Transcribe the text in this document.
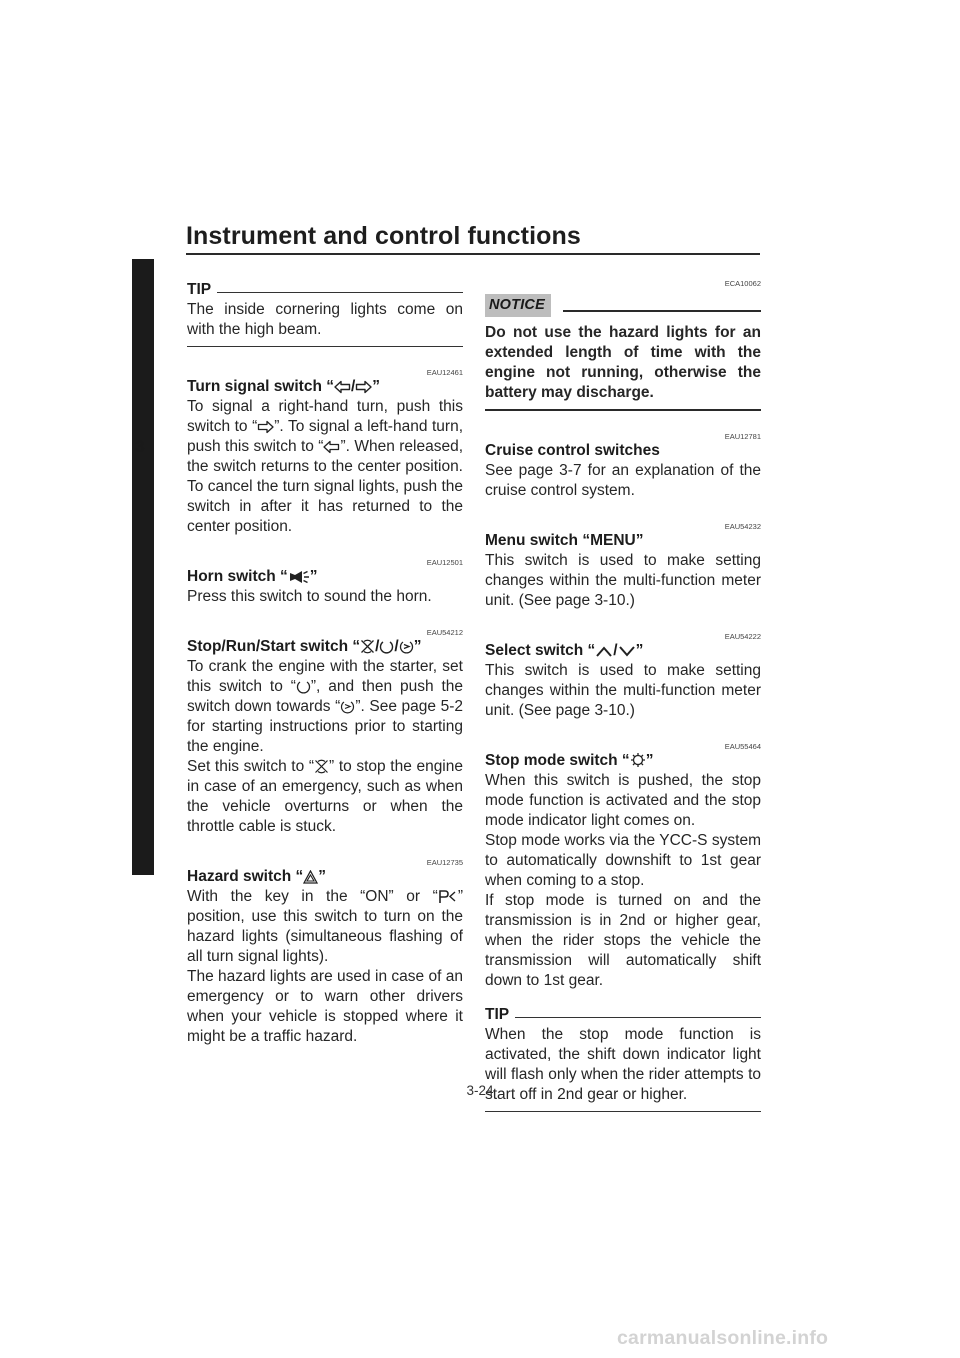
Instrument and control functions
3
TIP

The inside cornering lights come on with the high beam.

EAU12461
Turn signal switch “ / ”

To signal a right-hand turn, push this switch to “ ”. To signal a left-hand turn, push this switch to “ ”. When released, the switch returns to the center position. To cancel the turn signal lights, push the switch in after it has returned to the center position.

EAU12501
Horn switch “ ”

Press this switch to sound the horn.

EAU54212
Stop/Run/Start switch “ / / ”

To crank the engine with the starter, set this switch to “ ”, and then push the switch down towards “ ”. See page 5-2 for starting instructions prior to starting the engine.

Set this switch to “ ” to stop the engine in case of an emergency, such as when the vehicle overturns or when the throttle cable is stuck.

EAU12735
Hazard switch “ ”

With the key in the “ON” or “ ” position, use this switch to turn on the hazard lights (simultaneous flashing of all turn signal lights).

The hazard lights are used in case of an emergency or to warn other drivers when your vehicle is stopped where it might be a traffic hazard.

ECA10062
NOTICE
Do not use the hazard lights for an extended length of time with the engine not running, otherwise the battery may discharge.
EAU12781
Cruise control switches

See page 3-7 for an explanation of the cruise control system.

EAU54232
Menu switch “MENU”

This switch is used to make setting changes within the multi-function meter unit. (See page 3-10.)

EAU54222
Select switch “ / ”

This switch is used to make setting changes within the multi-function meter unit. (See page 3-10.)

EAU55464
Stop mode switch “ ”

When this switch is pushed, the stop mode function is activated and the stop mode indicator light comes on.

Stop mode works via the YCC-S system to automatically downshift to 1st gear when coming to a stop.

If stop mode is turned on and the transmission is in 2nd or higher gear, when the rider stops the vehicle the transmission will automatically shift down to 1st gear.

TIP

When the stop mode function is activated, the shift down indicator light will flash only when the rider attempts to start off in 2nd gear or higher.

3-24
carmanualsonline.info
